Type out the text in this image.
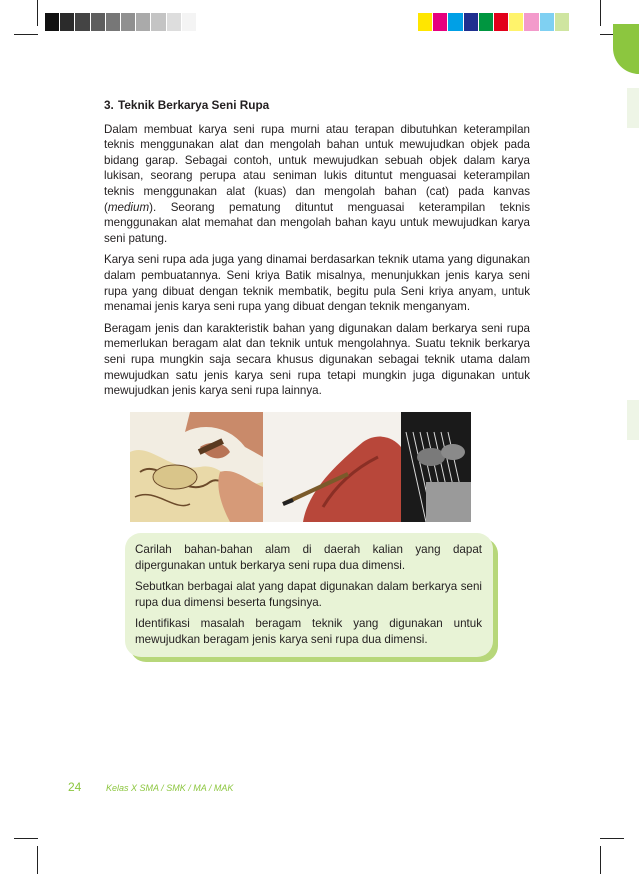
3. Teknik Berkarya Seni Rupa

Dalam membuat karya seni rupa murni atau terapan dibutuhkan keterampilan teknis menggunakan alat dan mengolah bahan untuk mewujudkan objek pada bidang garap. Sebagai contoh, untuk mewujudkan sebuah objek dalam karya lukisan, seorang perupa atau seniman lukis dituntut menguasai keterampilan teknis menggunakan alat (kuas) dan mengolah bahan (cat) pada kanvas (medium). Seorang pematung dituntut menguasai keterampilan teknis menggunakan alat memahat dan mengolah bahan kayu untuk mewujudkan karya seni patung.

Karya seni rupa ada juga yang dinamai berdasarkan teknik utama yang digunakan dalam pembuatannya. Seni kriya Batik misalnya, menunjukkan jenis karya seni rupa yang dibuat dengan teknik membatik, begitu pula Seni kriya anyam, untuk menamai jenis karya seni rupa yang dibuat dengan teknik menganyam.

Beragam jenis dan karakteristik bahan yang digunakan dalam berkarya seni rupa memerlukan beragam alat dan teknik untuk mengolahnya. Suatu teknik berkarya seni rupa mungkin saja secara khusus digunakan sebagai teknik utama dalam mewujudkan satu jenis karya seni rupa tetapi mungkin juga digunakan untuk mewujudkan jenis karya seni rupa lainnya.

Carilah bahan-bahan alam di daerah kalian yang dapat dipergunakan untuk berkarya seni rupa dua dimensi.

Sebutkan berbagai alat yang dapat digunakan dalam berkarya seni rupa dua dimensi beserta fungsinya.

Identifikasi masalah beragam teknik yang digunakan untuk mewujudkan beragam jenis karya seni rupa dua dimensi.

24	Kelas X SMA / SMK / MA / MAK
